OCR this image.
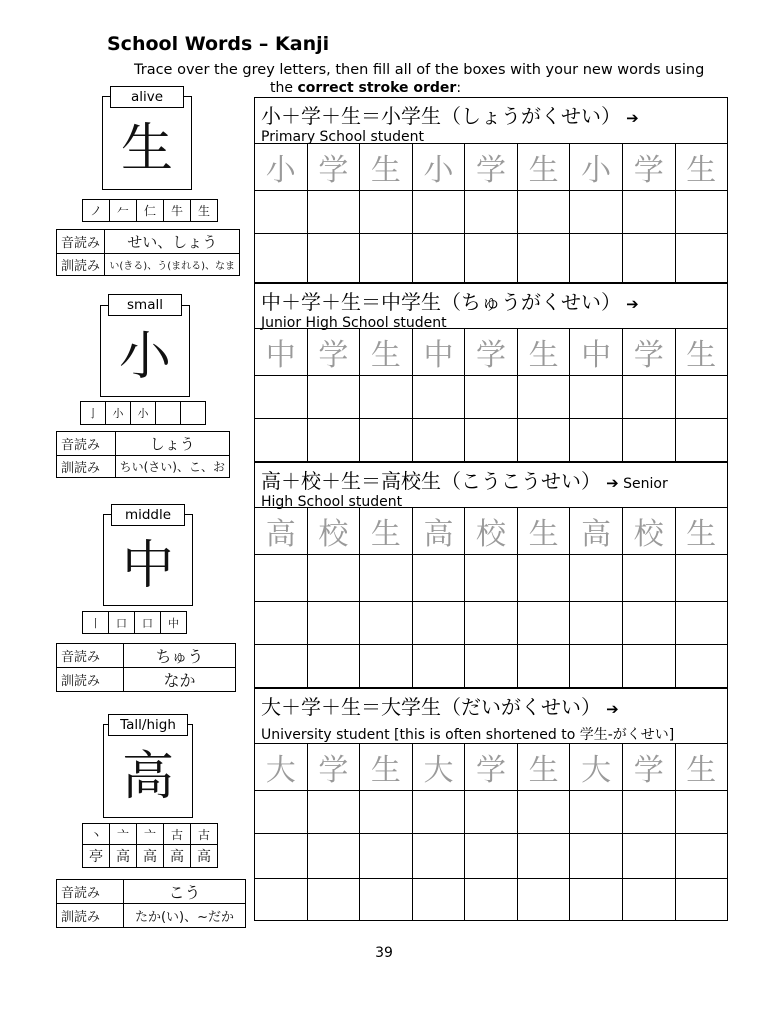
School Words – Kanji
Trace over the grey letters, then fill all of the boxes with your new words using
the correct stroke order:
alive
生
ノ	𠂉	仁	牛	生
音読み	せい、しょう
訓読み	い(きる)、う(まれる)、なま
small
小
亅	小	小
音読み	しょう
訓読み	ちい(さい)、こ、お
middle
中
丨	口	口	中
音読み	ちゅう
訓読み	なか
Tall/high
高
丶	亠	亠	古	古
亭 高 高 高 高
音読み	こう
訓読み	たか(い)、~だか
小＋学＋生＝小学生（しょうがくせい） ➔
Primary School student
小 学 生 小 学 生 小 学 生
中＋学＋生＝中学生（ちゅうがくせい） ➔
Junior High School student
中 学 生 中 学 生 中 学 生
高＋校＋生＝高校生（こうこうせい） ➔ Senior
High School student
高 校 生 高 校 生 高 校 生
大＋学＋生＝大学生（だいがくせい） ➔
University student [this is often shortened to 学生-がくせい]
大 学 生 大 学 生 大 学 生
39
